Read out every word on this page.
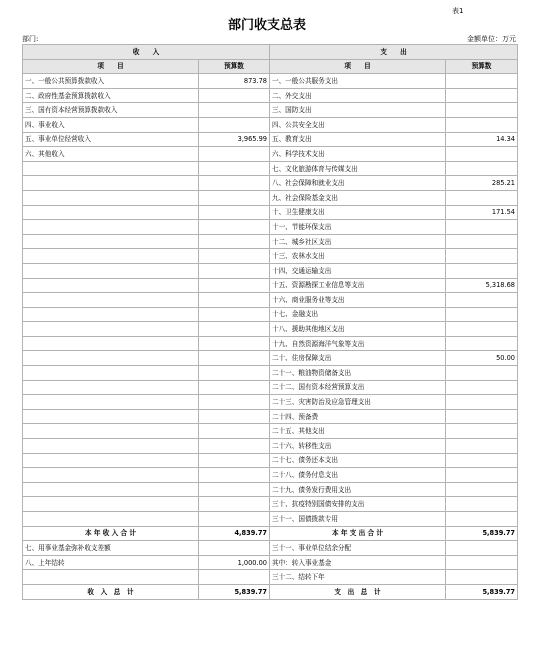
表1
部门收支总表
部门:	金额单位：万元
收　　入		支　　出	
项　　目	预算数	项　　目	预算数
一、一般公共预算拨款收入	873.78	一、一般公共服务支出	
二、政府性基金预算拨款收入		二、外交支出	
三、国有资本经营预算拨款收入		三、国防支出	
四、事业收入		四、公共安全支出	
五、事业单位经营收入	3,965.99	五、教育支出	14.34
六、其他收入		六、科学技术支出	
		七、文化旅游体育与传媒支出	
		八、社会保障和就业支出	285.21
		九、社会保险基金支出	
		十、卫生健康支出	171.54
		十一、节能环保支出	
		十二、城乡社区支出	
		十三、农林水支出	
		十四、交通运输支出	
		十五、资源勘探工业信息等支出	5,318.68
		十六、商业服务业等支出	
		十七、金融支出	
		十八、援助其他地区支出	
		十九、自然资源海洋气象等支出	
		二十、住房保障支出	50.00
		二十一、粮油物资储备支出	
		二十二、国有资本经营预算支出	
		二十三、灾害防治及应急管理支出	
		二十四、预备费	
		二十五、其他支出	
		二十六、转移性支出	
		二十七、债务还本支出	
		二十八、债务付息支出	
		二十九、债务发行费用支出	
		三十、抗疫特别国债安排的支出	
		三十一、国债拨款专用	
本 年 收 入 合 计	4,839.77	本 年 支 出 合 计	5,839.77
七、用事业基金弥补收支差额		三十一、事业单位结余分配	
八、上年结转	1,000.00	其中：转入事业基金	
		三十二、结转下年	
收　入　总　计	5,839.77	支　出　总　计	5,839.77
